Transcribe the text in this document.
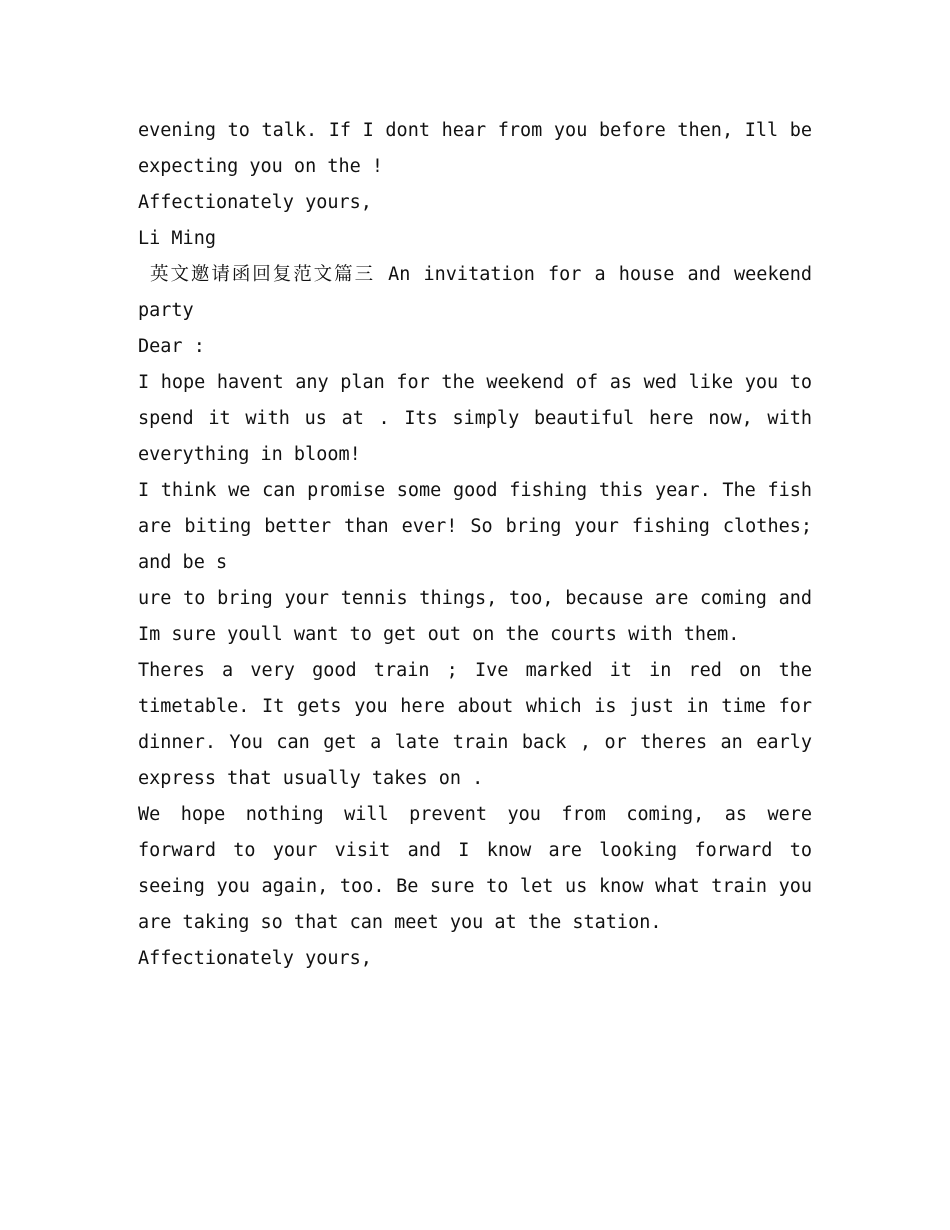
evening to talk. If I dont hear from you before then, Ill be
expecting you on the !
Affectionately yours,
Li Ming
英文邀请函回复范文篇三 An invitation for a house and weekend
party
Dear :
I hope havent any plan for the weekend of as wed like you to
spend it with us at . Its simply beautiful here now, with
everything in bloom!
I think we can promise some good fishing this year. The fish
are biting better than ever! So bring your fishing clothes;
and be s
ure to bring your tennis things, too, because are coming and
Im sure youll want to get out on the courts with them.
Theres a very good train ; Ive marked it in red on the
timetable. It gets you here about which is just in time for
dinner. You can get a late train back , or theres an early
express that usually takes on .
We hope nothing will prevent you from coming, as were
forward to your visit and I know are looking forward to
seeing you again, too. Be sure to let us know what train you
are taking so that can meet you at the station.
Affectionately yours,
